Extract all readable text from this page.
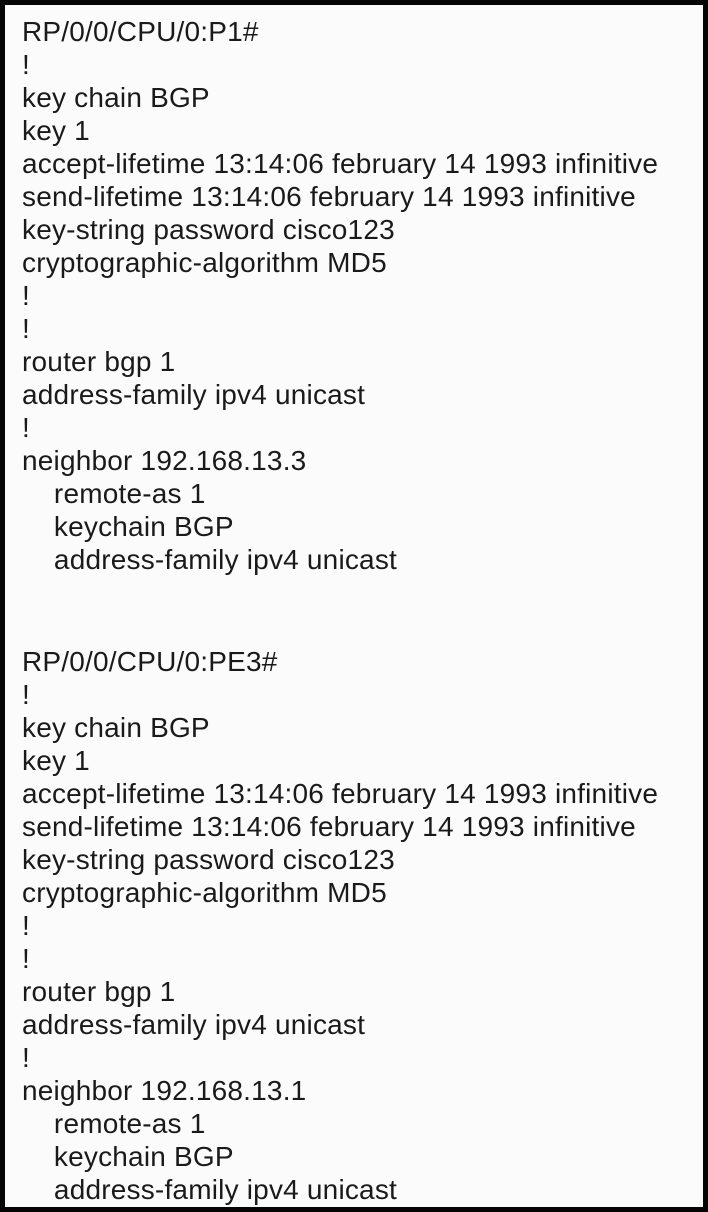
RP/0/0/CPU/0:P1#
!
key chain BGP
key 1
accept-lifetime 13:14:06 february 14 1993 infinitive
send-lifetime 13:14:06 february 14 1993 infinitive
key-string password cisco123
cryptographic-algorithm MD5
!
!
router bgp 1
address-family ipv4 unicast
!
neighbor 192.168.13.3
remote-as 1
keychain BGP
address-family ipv4 unicast
RP/0/0/CPU/0:PE3#
!
key chain BGP
key 1
accept-lifetime 13:14:06 february 14 1993 infinitive
send-lifetime 13:14:06 february 14 1993 infinitive
key-string password cisco123
cryptographic-algorithm MD5
!
!
router bgp 1
address-family ipv4 unicast
!
neighbor 192.168.13.1
remote-as 1
keychain BGP
address-family ipv4 unicast
